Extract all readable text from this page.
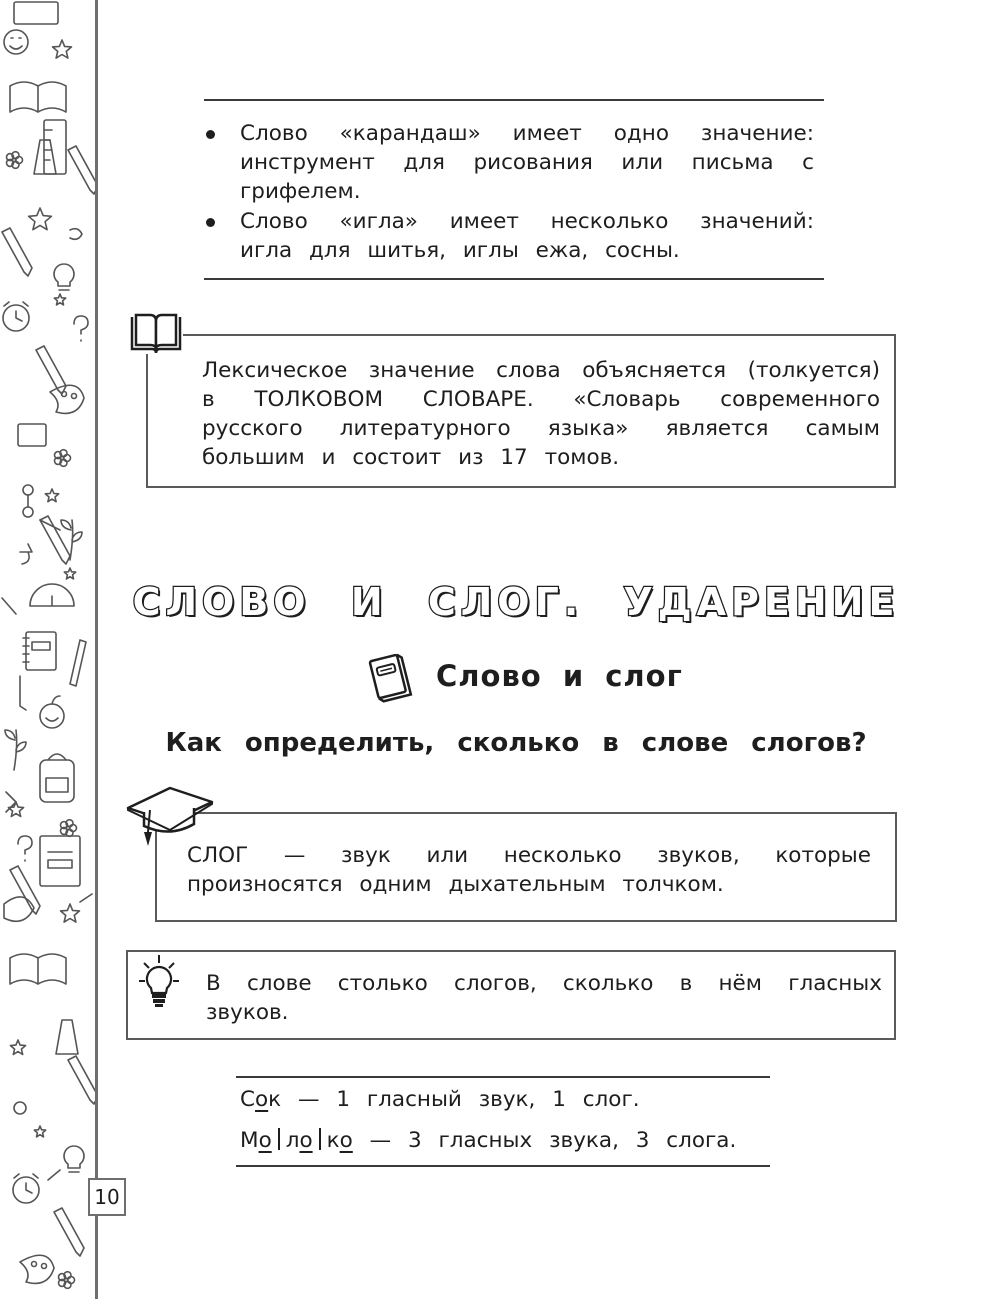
10
Слово «карандаш» имеет одно значение: инструмент для рисования или письма с грифелем.
Слово «игла» имеет несколько значений: игла для шитья, иглы ежа, сосны.
Лексическое значение слова объясняется (толкуется) в ТОЛКОВОМ СЛОВАРЕ. «Словарь современного русского литературного языка» является самым большим и состоит из 17 томов.
СЛОВО И СЛОГ. УДАРЕНИЕ
Слово и слог
Как определить, сколько в слове слогов?
СЛОГ — звук или несколько звуков, которые произносятся одним дыхательным толчком.
В слове столько слогов, сколько в нём гласных звуков.
Сок — 1 гласный звук, 1 слог.
Мо ло ко — 3 гласных звука, 3 слога.
